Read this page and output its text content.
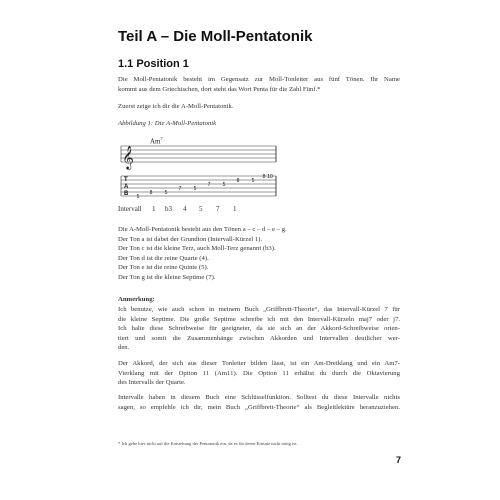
Teil A – Die Moll-Pentatonik
1.1 Position 1
Die Moll-Pentatonik besteht im Gegensatz zur Moll-Tonleiter aus fünf Tönen. Ihr Name
kommt aus dem Griechischen, dort steht das Wort Penta für die Zahl Fünf.*
Zuerst zeige ich dir die A-Moll-Pentatonik.
Abbildung 1: Die A-Moll-Pentatonik
Am$^7$
𝄞
T
A
B 5
8 5
7 5
7 5
8 5
8 10
Intervall 1 b3 4 5 7 1
Die A-Moll-Pentatonik besteht aus den Tönen a – c – d – e – g.
Der Ton a ist dabei der Grundton (Intervall-Kürzel 1).
Der Ton c ist die kleine Terz, auch Moll-Terz genannt (b3).
Der Ton d ist die reine Quarte (4).
Der Ton e ist die reine Quinte (5).
Der Ton g ist die kleine Septime (7).
Anmerkung:
Ich benutze, wie auch schon in meinem Buch „Griffbrett-Theorie“, das Intervall-Kürzel 7 für
die kleine Septime. Die große Septime schreibe ich mit den Intervall-Kürzeln maj7 oder j7.
Ich halte diese Schreibweise für geeigneter, da sie sich an der Akkord-Schreibweise orien-
tiert und somit die Zusammenhänge zwischen Akkorden und Intervallen deutlicher wer-
den.
Der Akkord, der sich aus dieser Tonleiter bilden lässt, ist ein Am-Dreiklang und ein Am7-
Vierklang mit der Option 11 (Am11). Die Option 11 erhältst du durch die Oktavierung
des Intervalls der Quarte.
Intervalle haben in diesem Buch eine Schlüsselfunktion. Solltest du diese Intervalle nichts
sagen, so empfehle ich dir, mein Buch „Griffbrett-Theorie“ als Begleitlektüre heranzuziehen.
* Ich gehe hier nicht auf die Entstehung der Pentatonik ein, da es für deren Einsatz nicht nötig ist.
7
